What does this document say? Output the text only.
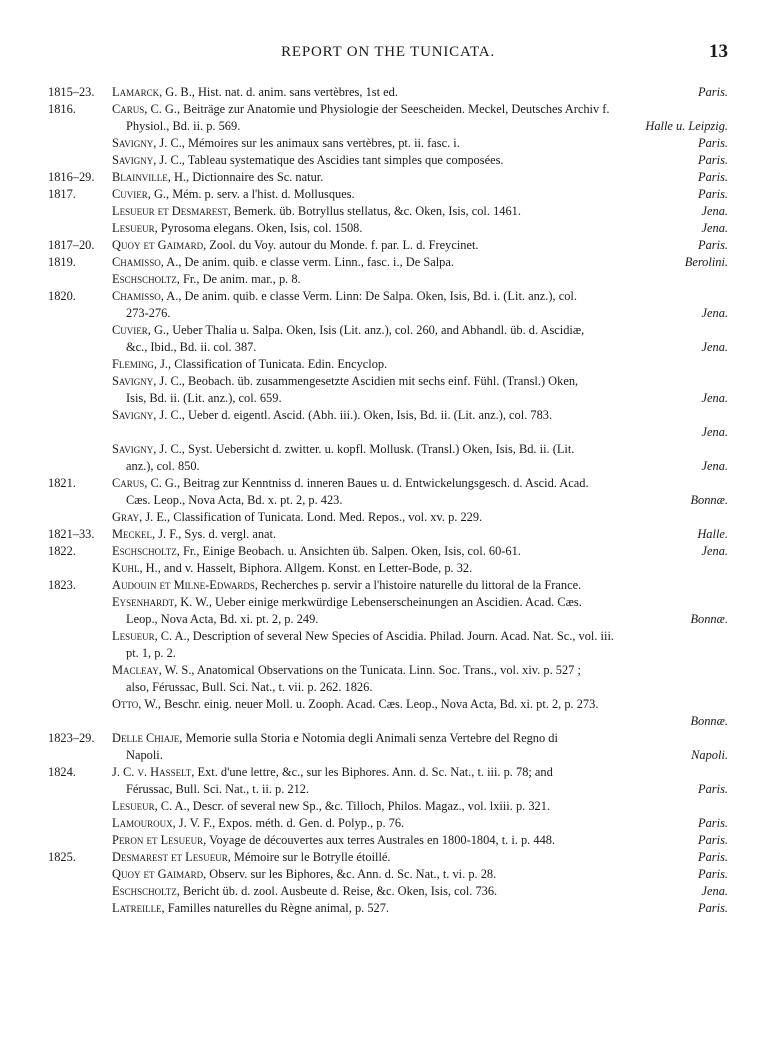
REPORT ON THE TUNICATA.	13
1815–23. Lamarck, G. B., Hist. nat. d. anim. sans vertèbres, 1st ed.	Paris.
1816.	Carus, C. G., Beiträge zur Anatomie und Physiologie der Seescheiden. Meckel, Deutsches Archiv f.
Physiol., Bd. ii. p. 569.	Halle u. Leipzig.
Savigny, J. C., Mémoires sur les animaux sans vertèbres, pt. ii. fasc. i.	Paris.
Savigny, J. C., Tableau systematique des Ascidies tant simples que composées.	Paris.
1816–29. Blainville, H., Dictionnaire des Sc. natur.	Paris.
1817.	Cuvier, G., Mém. p. serv. a l'hist. d. Mollusques.	Paris.
Lesueur et Desmarest, Bemerk. üb. Botryllus stellatus, &c. Oken, Isis, col. 1461.	Jena.
Lesueur, Pyrosoma elegans. Oken, Isis, col. 1508.	Jena.
1817–20. Quoy et Gaimard, Zool. du Voy. autour du Monde. f. par. L. d. Freycinet.	Paris.
1819.	Chamisso, A., De anim. quib. e classe verm. Linn., fasc. i., De Salpa.	Berolini.
Eschscholtz, Fr., De anim. mar., p. 8.
1820.	Chamisso, A., De anim. quib. e classe Verm. Linn: De Salpa. Oken, Isis, Bd. i. (Lit. anz.), col.
273-276.	Jena.
Cuvier, G., Ueber Thalia u. Salpa. Oken, Isis (Lit. anz.), col. 260, and Abhandl. üb. d. Ascidiæ,
&c., Ibid., Bd. ii. col. 387.	Jena.
Fleming, J., Classification of Tunicata. Edin. Encyclop.
Savigny, J. C., Beobach. üb. zusammengesetzte Ascidien mit sechs einf. Fühl. (Transl.) Oken,
Isis, Bd. ii. (Lit. anz.), col. 659.	Jena.
Savigny, J. C., Ueber d. eigentl. Ascid. (Abh. iii.). Oken, Isis, Bd. ii. (Lit. anz.), col. 783.
Jena.
Savigny, J. C., Syst. Uebersicht d. zwitter. u. kopfl. Mollusk. (Transl.) Oken, Isis, Bd. ii. (Lit.
anz.), col. 850.	Jena.
1821.	Carus, C. G., Beitrag zur Kenntniss d. inneren Baues u. d. Entwickelungsgesch. d. Ascid. Acad.
Cæs. Leop., Nova Acta, Bd. x. pt. 2, p. 423.	Bonnæ.
Gray, J. E., Classification of Tunicata. Lond. Med. Repos., vol. xv. p. 229.
1821–33. Meckel, J. F., Sys. d. vergl. anat.	Halle.
1822.	Eschscholtz, Fr., Einige Beobach. u. Ansichten üb. Salpen. Oken, Isis, col. 60-61.	Jena.
Kuhl, H., and v. Hasselt, Biphora. Allgem. Konst. en Letter-Bode, p. 32.
1823.	Audouin et Milne-Edwards, Recherches p. servir a l'histoire naturelle du littoral de la France.
Eysenhardt, K. W., Ueber einige merkwürdige Lebenserscheinungen an Ascidien. Acad. Cæs.
Leop., Nova Acta, Bd. xi. pt. 2, p. 249.	Bonnæ.
Lesueur, C. A., Description of several New Species of Ascidia. Philad. Journ. Acad. Nat. Sc., vol. iii.
pt. 1, p. 2.
Macleay, W. S., Anatomical Observations on the Tunicata. Linn. Soc. Trans., vol. xiv. p. 527 ;
also, Férussac, Bull. Sci. Nat., t. vii. p. 262. 1826.
Otto, W., Beschr. einig. neuer Moll. u. Zooph. Acad. Cæs. Leop., Nova Acta, Bd. xi. pt. 2, p. 273.
Bonnæ.
1823–29. Delle Chiaje, Memorie sulla Storia e Notomia degli Animali senza Vertebre del Regno di
Napoli.	Napoli.
1824.	J. C. v. Hasselt, Ext. d'une lettre, &c., sur les Biphores. Ann. d. Sc. Nat., t. iii. p. 78; and
Férussac, Bull. Sci. Nat., t. ii. p. 212.	Paris.
Lesueur, C. A., Descr. of several new Sp., &c. Tilloch, Philos. Magaz., vol. lxiii. p. 321.
Lamouroux, J. V. F., Expos. méth. d. Gen. d. Polyp., p. 76.	Paris.
Peron et Lesueur, Voyage de découvertes aux terres Australes en 1800-1804, t. i. p. 448.	Paris.
1825.	Desmarest et Lesueur, Mémoire sur le Botrylle étoillé.	Paris.
Quoy et Gaimard, Observ. sur les Biphores, &c. Ann. d. Sc. Nat., t. vi. p. 28.	Paris.
Eschscholtz, Bericht üb. d. zool. Ausbeute d. Reise, &c. Oken, Isis, col. 736.	Jena.
Latreille, Familles naturelles du Règne animal, p. 527.	Paris.
